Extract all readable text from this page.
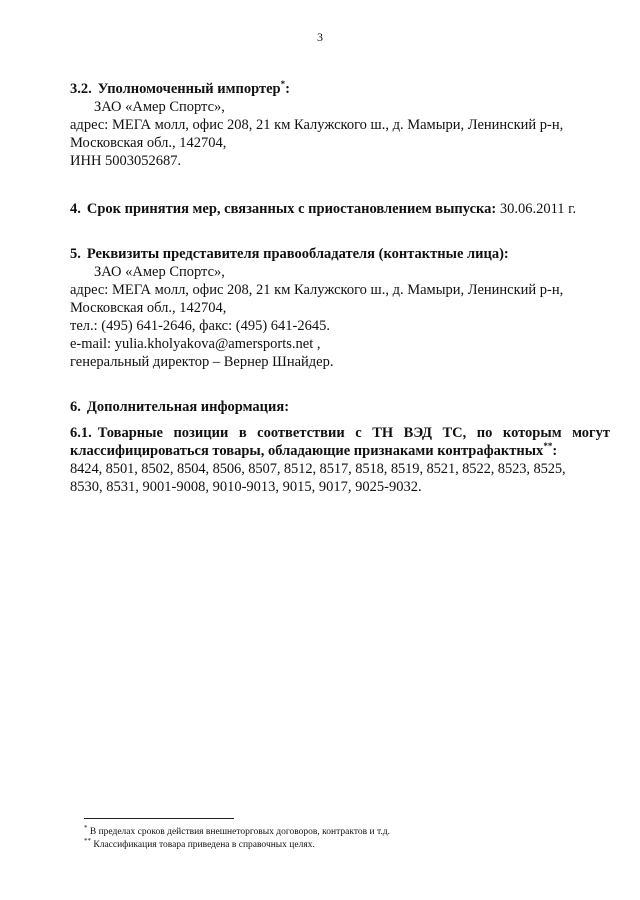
3
3.2. Уполномоченный импортер*:
ЗАО «Амер Спортс»,
адрес: МЕГА молл, офис 208, 21 км Калужского ш., д. Мамыри, Ленинский р-н,
Московская обл., 142704,
ИНН 5003052687.
4. Срок принятия мер, связанных с приостановлением выпуска: 30.06.2011 г.
5. Реквизиты представителя правообладателя (контактные лица):
ЗАО «Амер Спортс»,
адрес: МЕГА молл, офис 208, 21 км Калужского ш., д. Мамыри, Ленинский р-н,
Московская обл., 142704,
тел.: (495) 641-2646, факс: (495) 641-2645.
e-mail: yulia.kholyakova@amersports.net ,
генеральный директор – Вернер Шнайдер.
6. Дополнительная информация:
6.1. Товарные позиции в соответствии с ТН ВЭД ТС, по которым могут
классифицироваться товары, обладающие признаками контрафактных**:
8424, 8501, 8502, 8504, 8506, 8507, 8512, 8517, 8518, 8519, 8521, 8522, 8523, 8525,
8530, 8531, 9001-9008, 9010-9013, 9015, 9017, 9025-9032.
* В пределах сроков действия внешнеторговых договоров, контрактов и т.д.
** Классификация товара приведена в справочных целях.
